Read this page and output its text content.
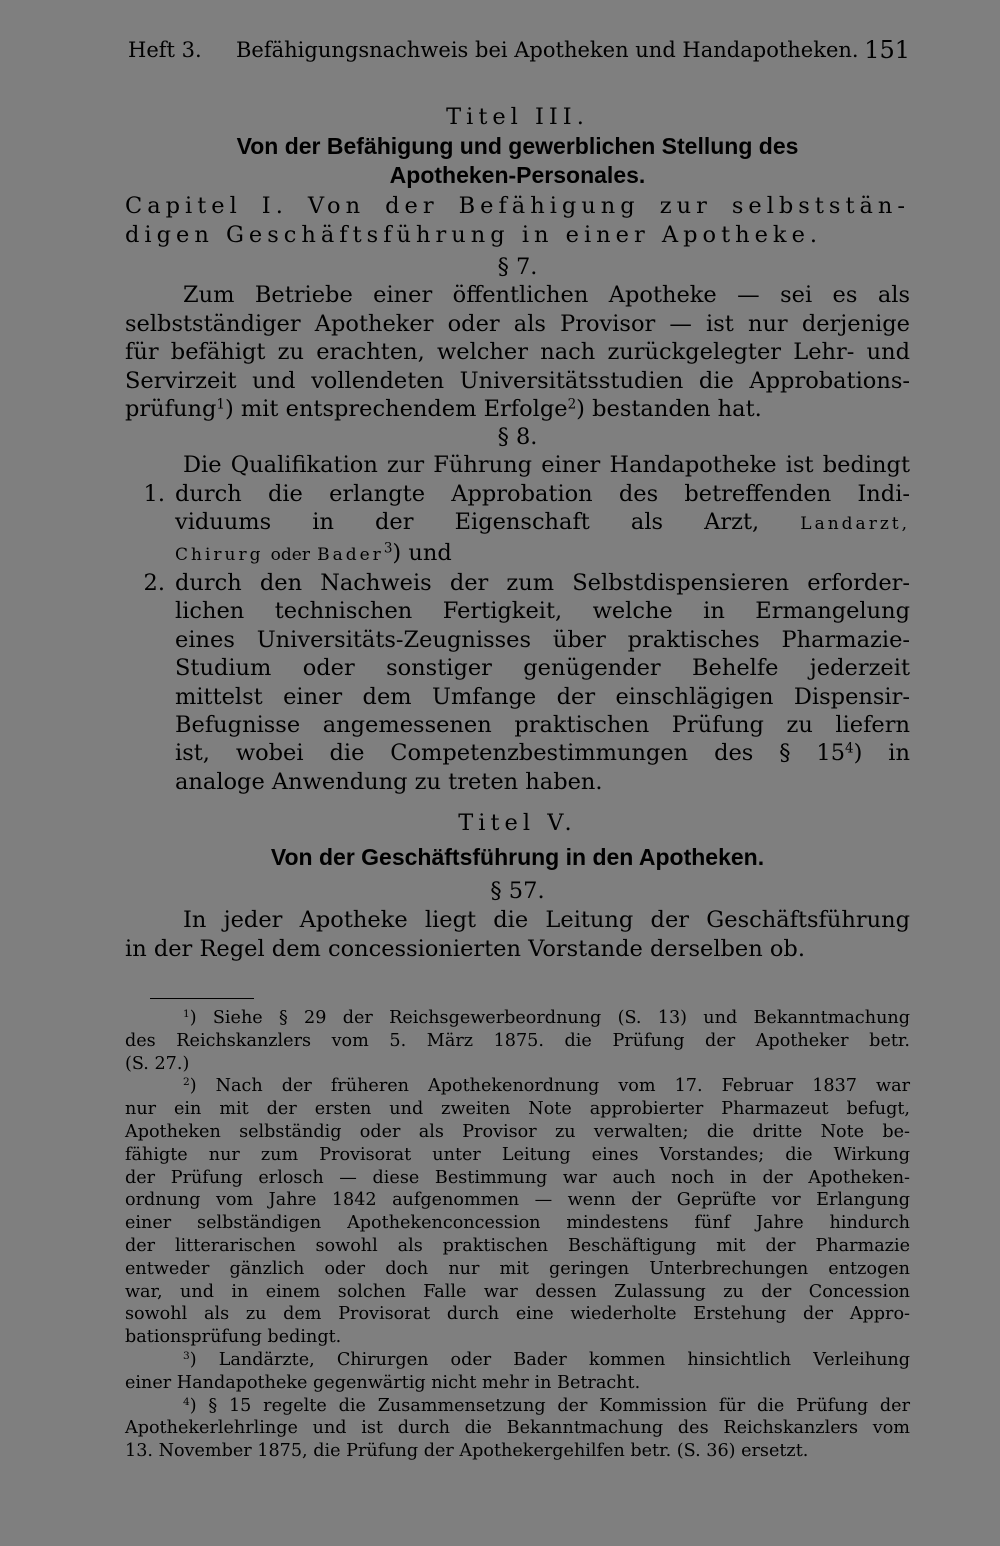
Heft 3. Befähigungsnachweis bei Apotheken und Handapotheken. 151

Titel III.

Von der Befähigung und gewerblichen Stellung des

Apotheken-Personales.

Capitel I. Von der Befähigung zur selbststän-

digen Geschäftsführung in einer Apotheke.

§ 7.

Zum Betriebe einer öffentlichen Apotheke — sei es als

selbstständiger Apotheker oder als Provisor — ist nur derjenige

für befähigt zu erachten, welcher nach zurückgelegter Lehr- und

Servirzeit und vollendeten Universitätsstudien die Approbations-

prüfung$^1$) mit entsprechendem Erfolge$^2$) bestanden hat.

§ 8.

Die Qualifikation zur Führung einer Handapotheke ist bedingt

1. durch die erlangte Approbation des betreffenden Indi-

viduums in der Eigenschaft als Arzt, Landarzt,

Chirurg oder Bader$^3$) und

2. durch den Nachweis der zum Selbstdispensieren erforder-

lichen technischen Fertigkeit, welche in Ermangelung

eines Universitäts-Zeugnisses über praktisches Pharmazie-

Studium oder sonstiger genügender Behelfe jederzeit

mittelst einer dem Umfange der einschlägigen Dispensir-

Befugnisse angemessenen praktischen Prüfung zu liefern

ist, wobei die Competenzbestimmungen des § $15^4$) in

analoge Anwendung zu treten haben.

Titel V.

Von der Geschäftsführung in den Apotheken.

§ 57.

In jeder Apotheke liegt die Leitung der Geschäftsführung

in der Regel dem concessionierten Vorstande derselben ob.

$^1$) Siehe § 29 der Reichsgewerbeordnung (S. 13) und Bekanntmachung

des Reichskanzlers vom 5. März 1875. die Prüfung der Apotheker betr.

(S. 27.)

$^2$) Nach der früheren Apothekenordnung vom 17. Februar 1837 war

nur ein mit der ersten und zweiten Note approbierter Pharmazeut befugt,

Apotheken selbständig oder als Provisor zu verwalten; die dritte Note be-

fähigte nur zum Provisorat unter Leitung eines Vorstandes; die Wirkung

der Prüfung erlosch — diese Bestimmung war auch noch in der Apotheken-

ordnung vom Jahre 1842 aufgenommen — wenn der Geprüfte vor Erlangung

einer selbständigen Apothekenconcession mindestens fünf Jahre hindurch

der litterarischen sowohl als praktischen Beschäftigung mit der Pharmazie

entweder gänzlich oder doch nur mit geringen Unterbrechungen entzogen

war, und in einem solchen Falle war dessen Zulassung zu der Concession

sowohl als zu dem Provisorat durch eine wiederholte Erstehung der Appro-

bationsprüfung bedingt.

$^3$) Landärzte, Chirurgen oder Bader kommen hinsichtlich Verleihung

einer Handapotheke gegenwärtig nicht mehr in Betracht.

$^4$) § 15 regelte die Zusammensetzung der Kommission für die Prüfung der

Apothekerlehrlinge und ist durch die Bekanntmachung des Reichskanzlers vom

13. November 1875, die Prüfung der Apothekergehilfen betr. (S. 36) ersetzt.
